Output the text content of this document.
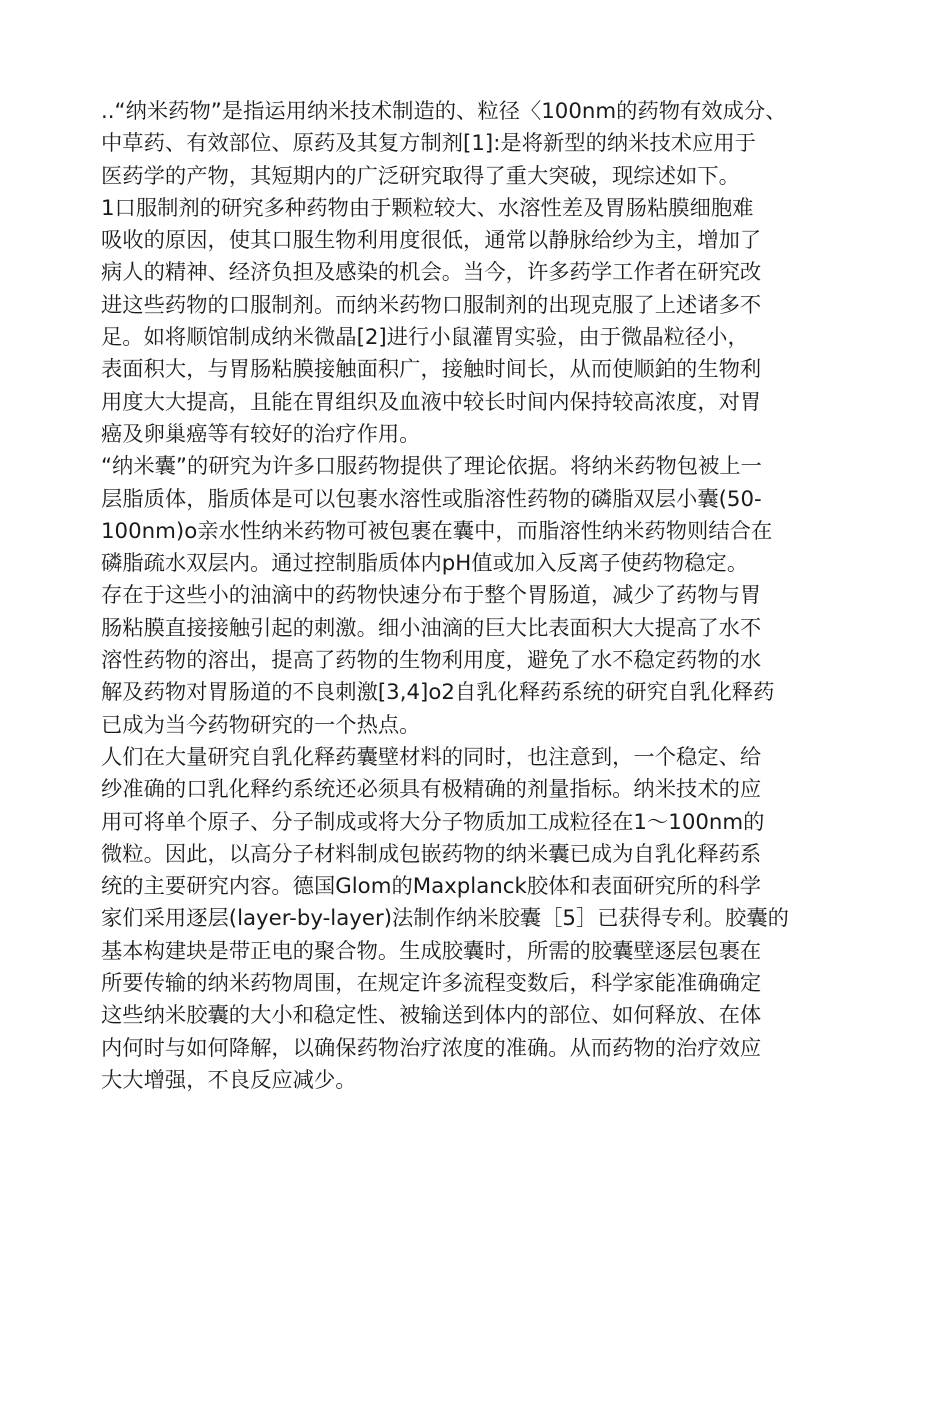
..“纳米药物”是指运用纳米技术制造的、粒径〈100nm的药物有效成分、
中草药、有效部位、原药及其复方制剂[1]:是将新型的纳米技术应用于
医药学的产物，其短期内的广泛研究取得了重大突破，现综述如下。
1口服制剂的研究多种药物由于颗粒较大、水溶性差及胃肠粘膜细胞难
吸收的原因，使其口服生物利用度很低，通常以静脉给纱为主，增加了
病人的精神、经济负担及感染的机会。当今，许多药学工作者在研究改
进这些药物的口服制剂。而纳米药物口服制剂的出现克服了上述诸多不
足。如将顺馆制成纳米微晶[2]进行小鼠灌胃实验，由于微晶粒径小，
表面积大，与胃肠粘膜接触面积广，接触时间长，从而使顺鉑的生物利
用度大大提高，且能在胃组织及血液中较长时间内保持较高浓度，对胃
癌及卵巢癌等有较好的治疗作用。
“纳米囊”的研究为许多口服药物提供了理论依据。将纳米药物包被上一
层脂质体，脂质体是可以包裹水溶性或脂溶性药物的磷脂双层小囊(50-
100nm)o亲水性纳米药物可被包裹在囊中，而脂溶性纳米药物则结合在
磷脂疏水双层内。通过控制脂质体内pH值或加入反离子使药物稳定。
存在于这些小的油滴中的药物快速分布于整个胃肠道，减少了药物与胃
肠粘膜直接接触引起的刺激。细小油滴的巨大比表面积大大提高了水不
溶性药物的溶出，提高了药物的生物利用度，避免了水不稳定药物的水
解及药物对胃肠道的不良刺激[3,4]o2自乳化释药系统的研究自乳化释药
已成为当今药物研究的一个热点。
人们在大量研究自乳化释药囊壁材料的同时，也注意到，一个稳定、给
纱准确的口乳化释约系统还必须具有极精确的剂量指标。纳米技术的应
用可将单个原子、分子制成或将大分子物质加工成粒径在1〜100nm的
微粒。因此，以高分子材料制成包嵌药物的纳米囊已成为自乳化释药系
统的主要研究内容。德国Glom的Maxplanck胶体和表面研究所的科学
家们采用逐层(layer-by-layer)法制作纳米胶囊［5］已获得专利。胶囊的
基本构建块是带正电的聚合物。生成胶囊时，所需的胶囊壁逐层包裹在
所要传输的纳米药物周围，在规定许多流程变数后，科学家能准确确定
这些纳米胶囊的大小和稳定性、被输送到体内的部位、如何释放、在体
内何时与如何降解，以确保药物治疗浓度的准确。从而药物的治疗效应
大大增强，不良反应减少。
